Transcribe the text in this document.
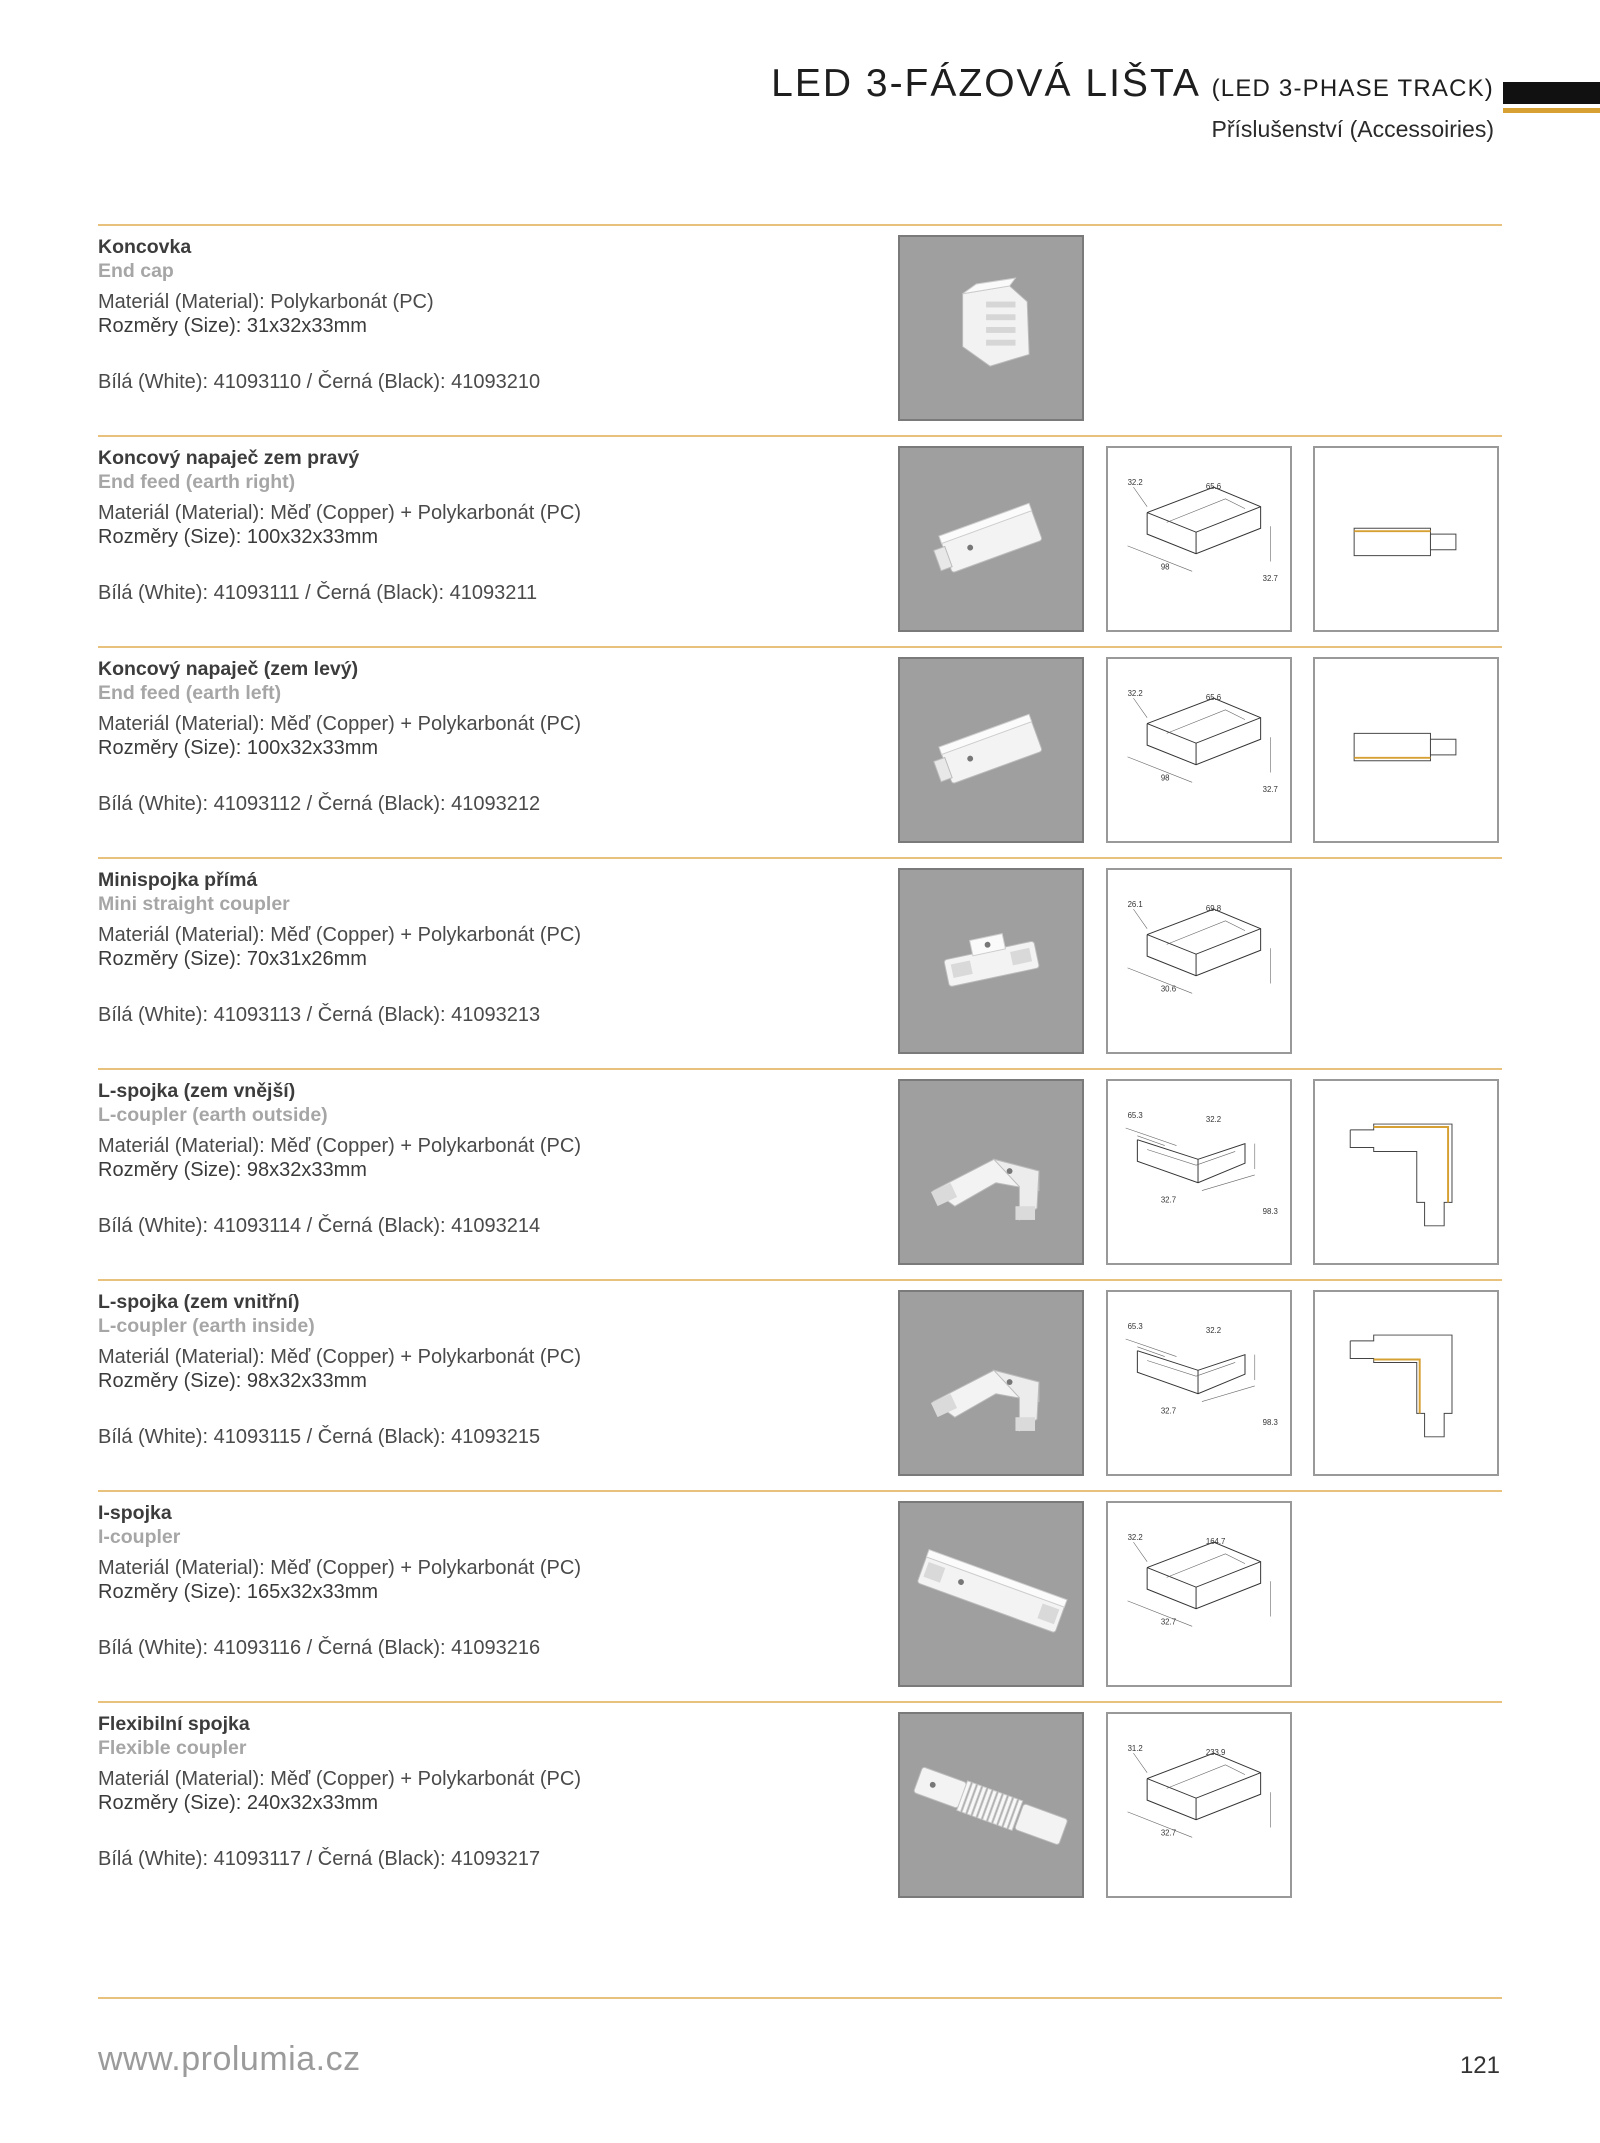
LED 3-FÁZOVÁ LIŠTA (LED 3-PHASE TRACK)
Příslušenství (Accessoiries)
Koncovka
End cap
Materiál (Material): Polykarbonát (PC)
Rozměry (Size): 31x32x33mm
Bílá (White): 41093110 / Černá (Black): 41093210
Koncový napaječ zem pravý
End feed (earth right)
Materiál (Material): Měď (Copper) + Polykarbonát (PC)
Rozměry (Size): 100x32x33mm
Bílá (White): 41093111 / Černá (Black): 41093211
32.2	65.6
98
32.7
Koncový napaječ (zem levý)
End feed (earth left)
Materiál (Material): Měď (Copper) + Polykarbonát (PC)
Rozměry (Size): 100x32x33mm
Bílá (White): 41093112 / Černá (Black): 41093212
32.2	65.6
98
32.7
Minispojka přímá
Mini straight coupler
Materiál (Material): Měď (Copper) + Polykarbonát (PC)
Rozměry (Size): 70x31x26mm
Bílá (White): 41093113 / Černá (Black): 41093213
26.1	69.8
30.6
L-spojka (zem vnější)
L-coupler (earth outside)
Materiál (Material): Měď (Copper) + Polykarbonát (PC)
Rozměry (Size): 98x32x33mm
Bílá (White): 41093114 / Černá (Black): 41093214
65.3	32.2
32.7
98.3
L-spojka (zem vnitřní)
L-coupler (earth inside)
Materiál (Material): Měď (Copper) + Polykarbonát (PC)
Rozměry (Size): 98x32x33mm
Bílá (White): 41093115 / Černá (Black): 41093215
65.3	32.2
32.7
98.3
I-spojka
I-coupler
Materiál (Material): Měď (Copper) + Polykarbonát (PC)
Rozměry (Size): 165x32x33mm
Bílá (White): 41093116 / Černá (Black): 41093216
32.2	164.7
32.7
Flexibilní spojka
Flexible coupler
Materiál (Material): Měď (Copper) + Polykarbonát (PC)
Rozměry (Size): 240x32x33mm
Bílá (White): 41093117 / Černá (Black): 41093217
31.2	233.9
32.7
www.prolumia.cz	121
